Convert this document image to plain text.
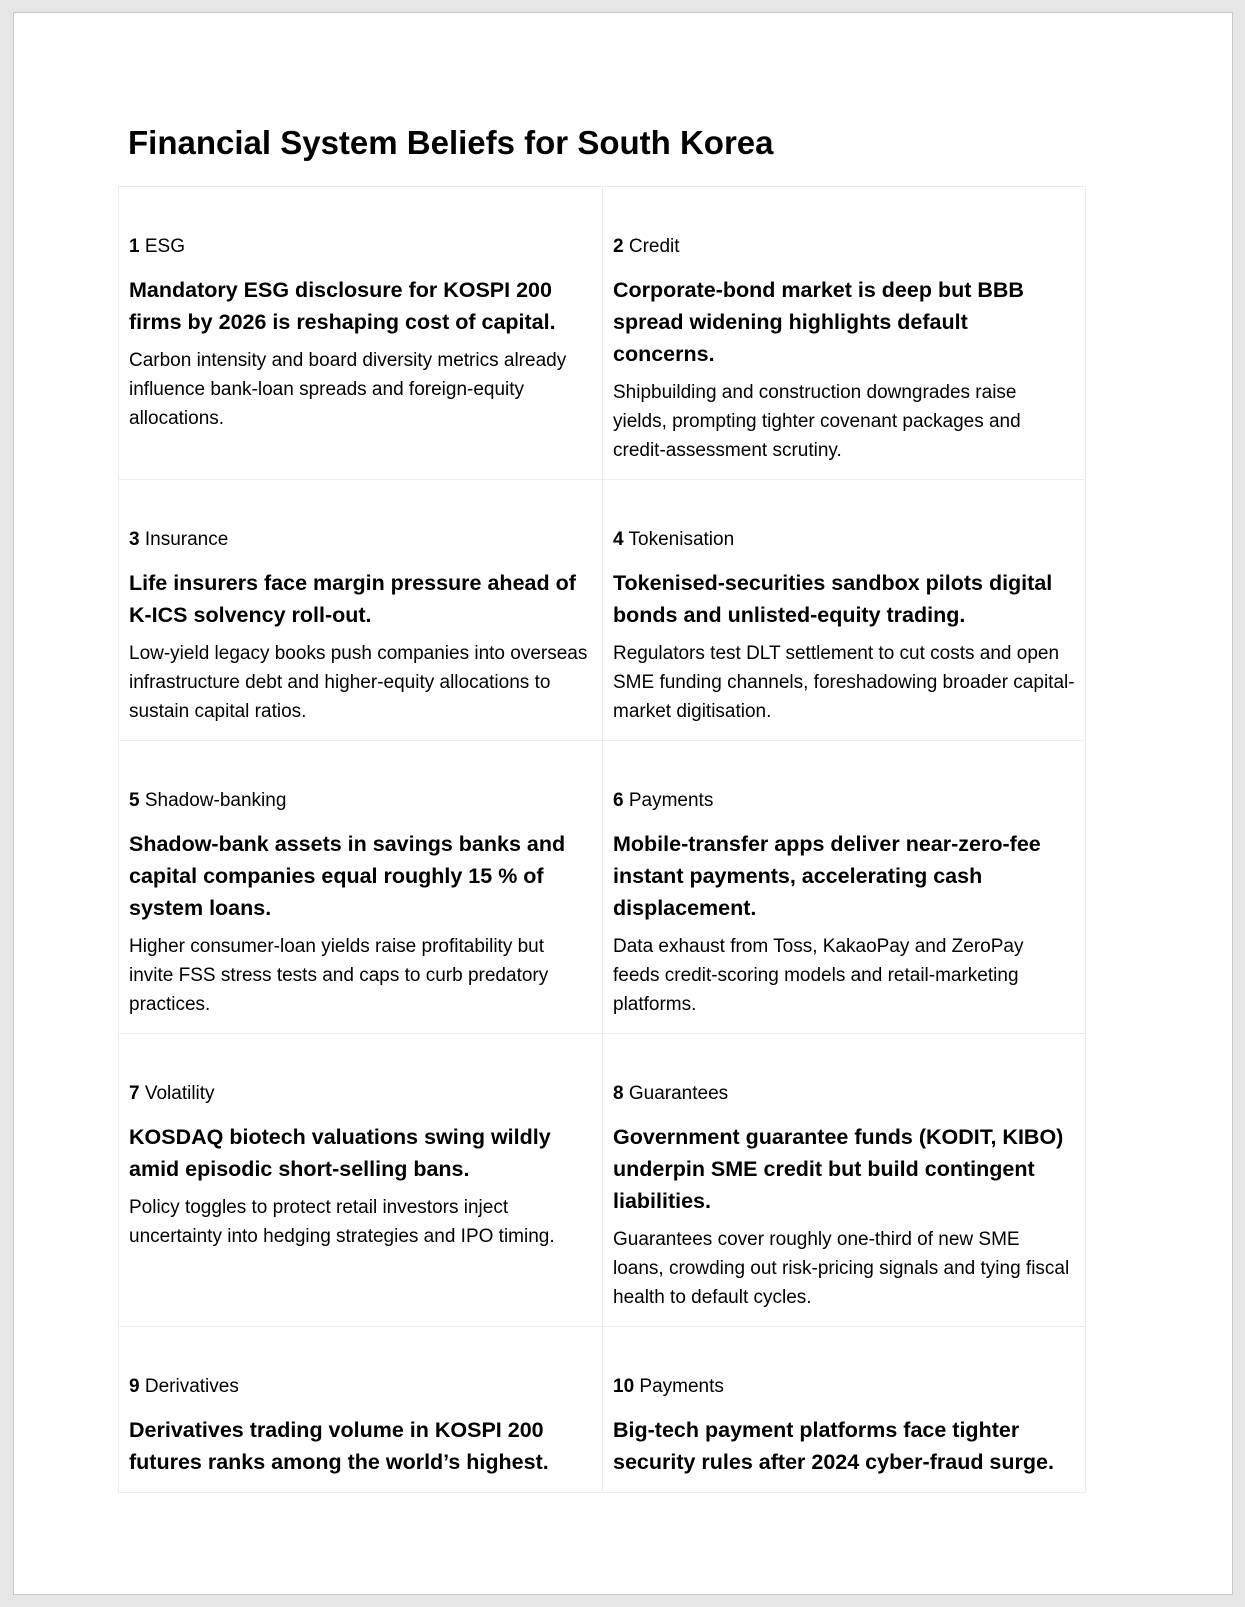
Financial System Beliefs for South Korea
1 ESG
Mandatory ESG disclosure for KOSPI 200 firms by 2026 is reshaping cost of capital.

Carbon intensity and board diversity metrics already influence bank-loan spreads and foreign-equity allocations.

2 Credit
Corporate-bond market is deep but BBB spread widening highlights default concerns.

Shipbuilding and construction downgrades raise yields, prompting tighter covenant packages and credit-assessment scrutiny.

3 Insurance
Life insurers face margin pressure ahead of K-ICS solvency roll-out.

Low-yield legacy books push companies into overseas infrastructure debt and higher-equity allocations to sustain capital ratios.

4 Tokenisation
Tokenised-securities sandbox pilots digital bonds and unlisted-equity trading.

Regulators test DLT settlement to cut costs and open SME funding channels, foreshadowing broader capital-market digitisation.

5 Shadow-banking
Shadow-bank assets in savings banks and capital companies equal roughly 15 % of system loans.

Higher consumer-loan yields raise profitability but invite FSS stress tests and caps to curb predatory practices.

6 Payments
Mobile-transfer apps deliver near-zero-fee instant payments, accelerating cash displacement.

Data exhaust from Toss, KakaoPay and ZeroPay feeds credit-scoring models and retail-marketing platforms.

7 Volatility
KOSDAQ biotech valuations swing wildly amid episodic short-selling bans.

Policy toggles to protect retail investors inject uncertainty into hedging strategies and IPO timing.

8 Guarantees
Government guarantee funds (KODIT, KIBO) underpin SME credit but build contingent liabilities.

Guarantees cover roughly one-third of new SME loans, crowding out risk-pricing signals and tying fiscal health to default cycles.

9 Derivatives
Derivatives trading volume in KOSPI 200 futures ranks among the world’s highest.
10 Payments
Big-tech payment platforms face tighter security rules after 2024 cyber-fraud surge.
